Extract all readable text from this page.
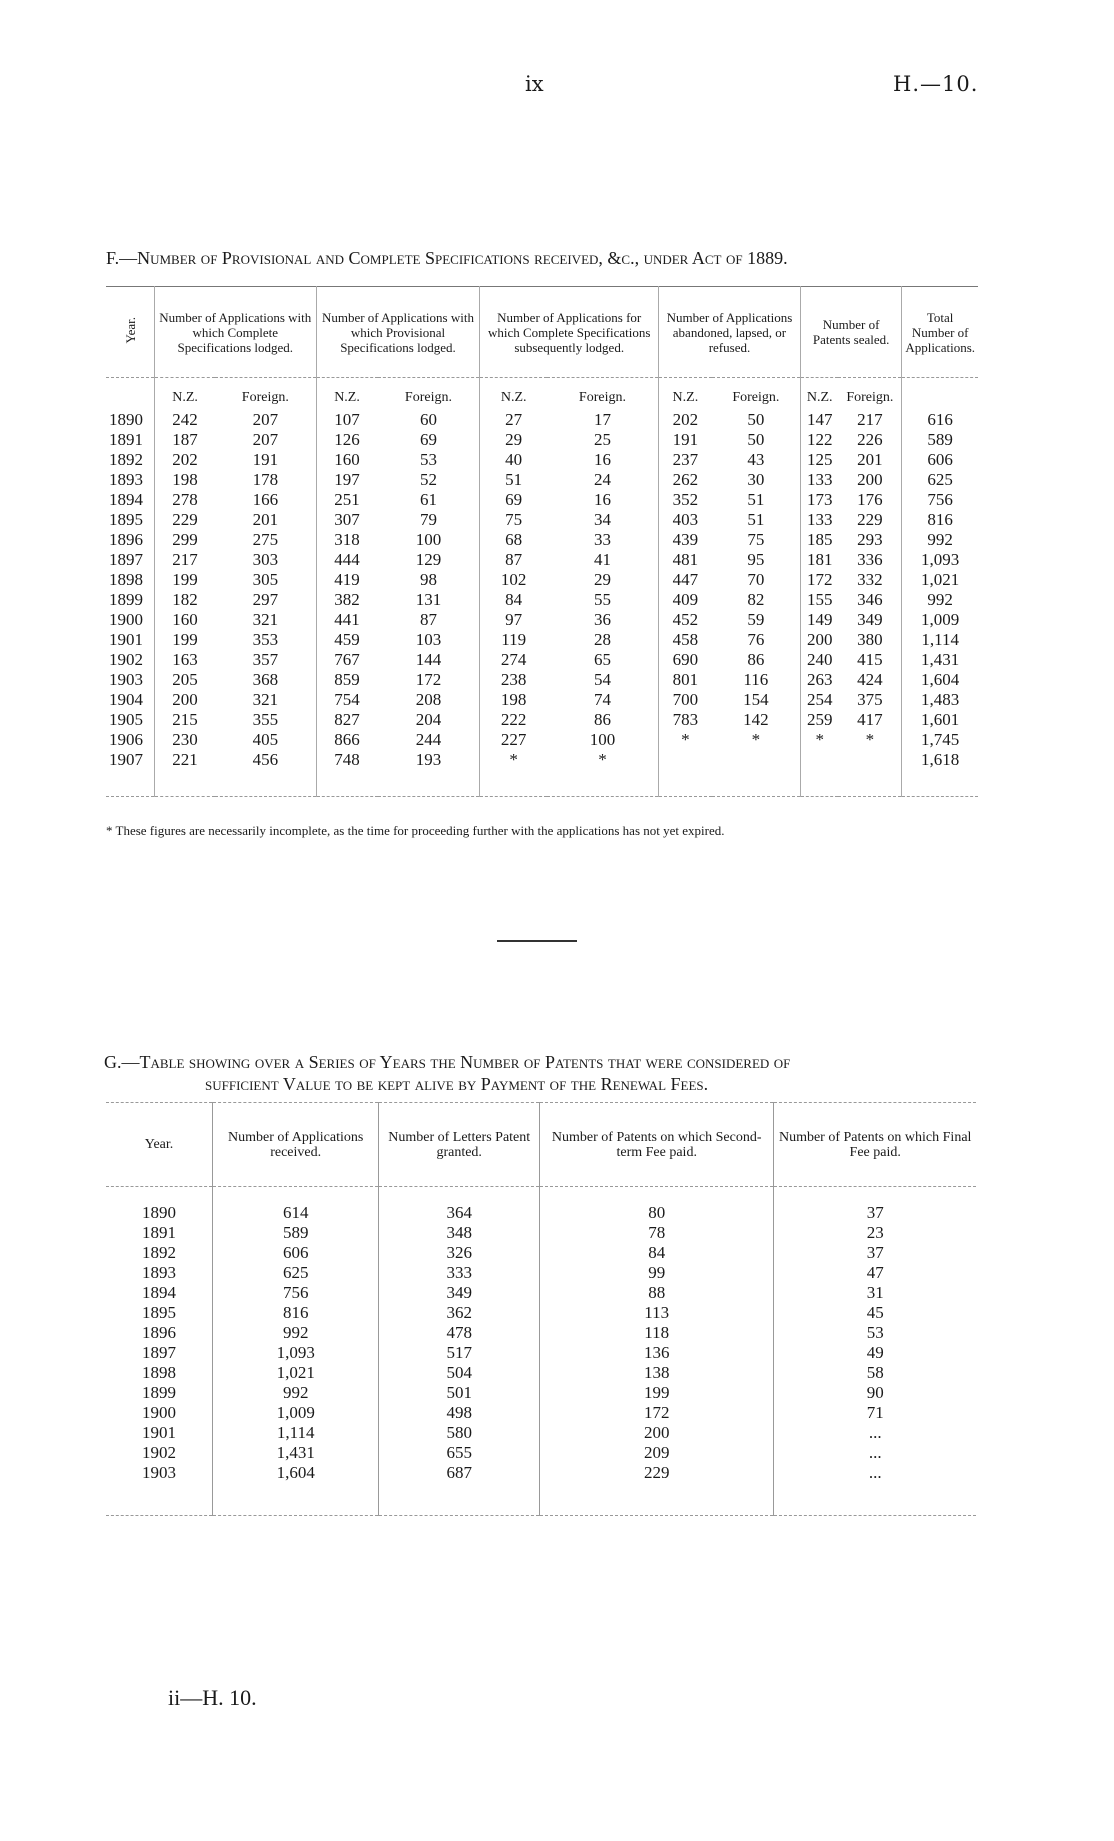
ix	H.—10.
F.—Number of Provisional and Complete Specifications received, &c., under Act of 1889.
Year.	Number of Applications with which Complete Specifications lodged.		Number of Applications with which Provisional Specifications lodged.		Number of Applications for which Complete Specifications subsequently lodged.		Number of Applications abandoned, lapsed, or refused.		Number of Patents sealed.		Total Number of Applications.
	N.Z.	Foreign.	N.Z.	Foreign.	N.Z.	Foreign.	N.Z.	Foreign.	N.Z.	Foreign.	
1890	242	207	107	60	27	17	202	50	147	217	616
1891	187	207	126	69	29	25	191	50	122	226	589
1892	202	191	160	53	40	16	237	43	125	201	606
1893	198	178	197	52	51	24	262	30	133	200	625
1894	278	166	251	61	69	16	352	51	173	176	756
1895	229	201	307	79	75	34	403	51	133	229	816
1896	299	275	318	100	68	33	439	75	185	293	992
1897	217	303	444	129	87	41	481	95	181	336	1,093
1898	199	305	419	98	102	29	447	70	172	332	1,021
1899	182	297	382	131	84	55	409	82	155	346	992
1900	160	321	441	87	97	36	452	59	149	349	1,009
1901	199	353	459	103	119	28	458	76	200	380	1,114
1902	163	357	767	144	274	65	690	86	240	415	1,431
1903	205	368	859	172	238	54	801	116	263	424	1,604
1904	200	321	754	208	198	74	700	154	254	375	1,483
1905	215	355	827	204	222	86	783	142	259	417	1,601
1906	230	405	866	244	227	100	*	*	*	*	1,745
1907	221	456	748	193	*	*					1,618
* These figures are necessarily incomplete, as the time for proceeding further with the applications has not yet expired.
G.—Table showing over a Series of Years the Number of Patents that were considered of
sufficient Value to be kept alive by Payment of the Renewal Fees.
Year.	Number of Applications received.	Number of Letters Patent granted.	Number of Patents on which Second-term Fee paid.	Number of Patents on which Final Fee paid.
1890	614	364	80	37
1891	589	348	78	23
1892	606	326	84	37
1893	625	333	99	47
1894	756	349	88	31
1895	816	362	113	45
1896	992	478	118	53
1897	1,093	517	136	49
1898	1,021	504	138	58
1899	992	501	199	90
1900	1,009	498	172	71
1901	1,114	580	200	...
1902	1,431	655	209	...
1903	1,604	687	229	...
ii—H. 10.
